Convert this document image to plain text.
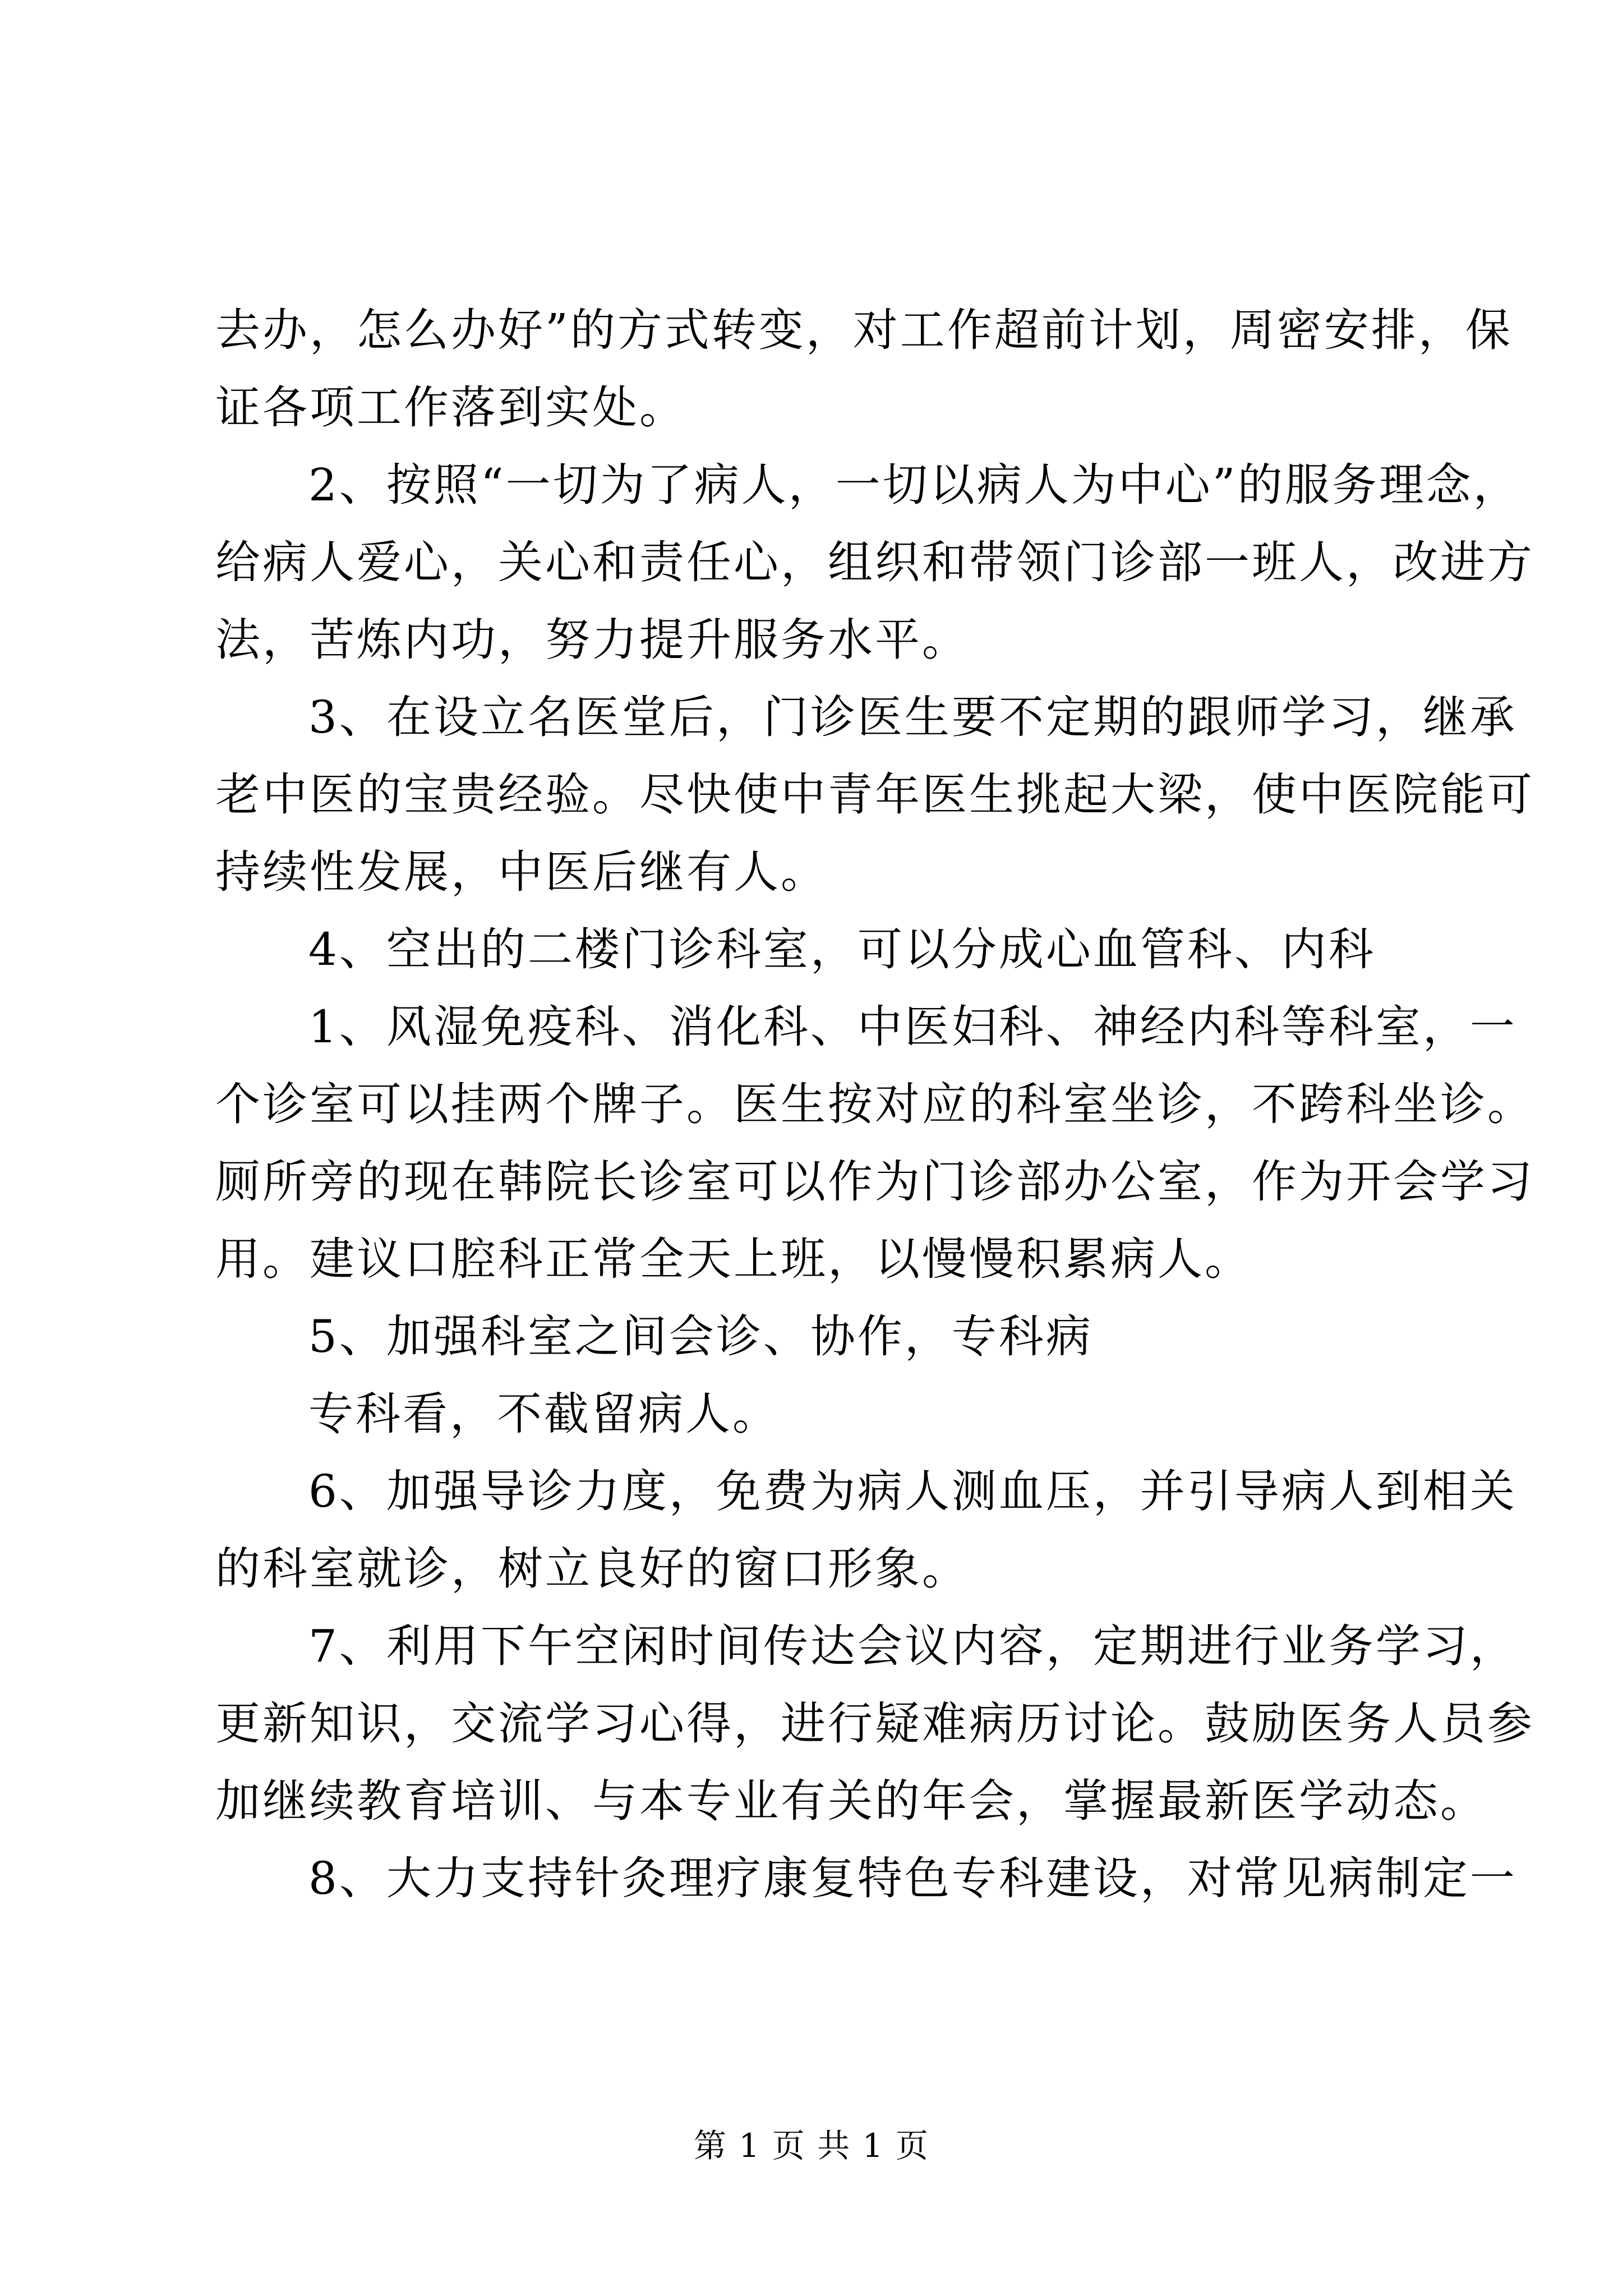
去办，怎么办好”的方式转变，对工作超前计划，周密安排，保
证各项工作落到实处。
2、按照“一切为了病人，一切以病人为中心”的服务理念，
给病人爱心，关心和责任心，组织和带领门诊部一班人，改进方
法，苦炼内功，努力提升服务水平。
3、在设立名医堂后，门诊医生要不定期的跟师学习，继承
老中医的宝贵经验。尽快使中青年医生挑起大梁，使中医院能可
持续性发展，中医后继有人。
4、空出的二楼门诊科室，可以分成心血管科、内科
1、风湿免疫科、消化科、中医妇科、神经内科等科室，一
个诊室可以挂两个牌子。医生按对应的科室坐诊，不跨科坐诊。
厕所旁的现在韩院长诊室可以作为门诊部办公室，作为开会学习
用。建议口腔科正常全天上班，以慢慢积累病人。
5、加强科室之间会诊、协作，专科病
专科看，不截留病人。
6、加强导诊力度，免费为病人测血压，并引导病人到相关
的科室就诊，树立良好的窗口形象。
7、利用下午空闲时间传达会议内容，定期进行业务学习，
更新知识，交流学习心得，进行疑难病历讨论。鼓励医务人员参
加继续教育培训、与本专业有关的年会，掌握最新医学动态。
8、大力支持针灸理疗康复特色专科建设，对常见病制定一
第 1 页 共 1 页
